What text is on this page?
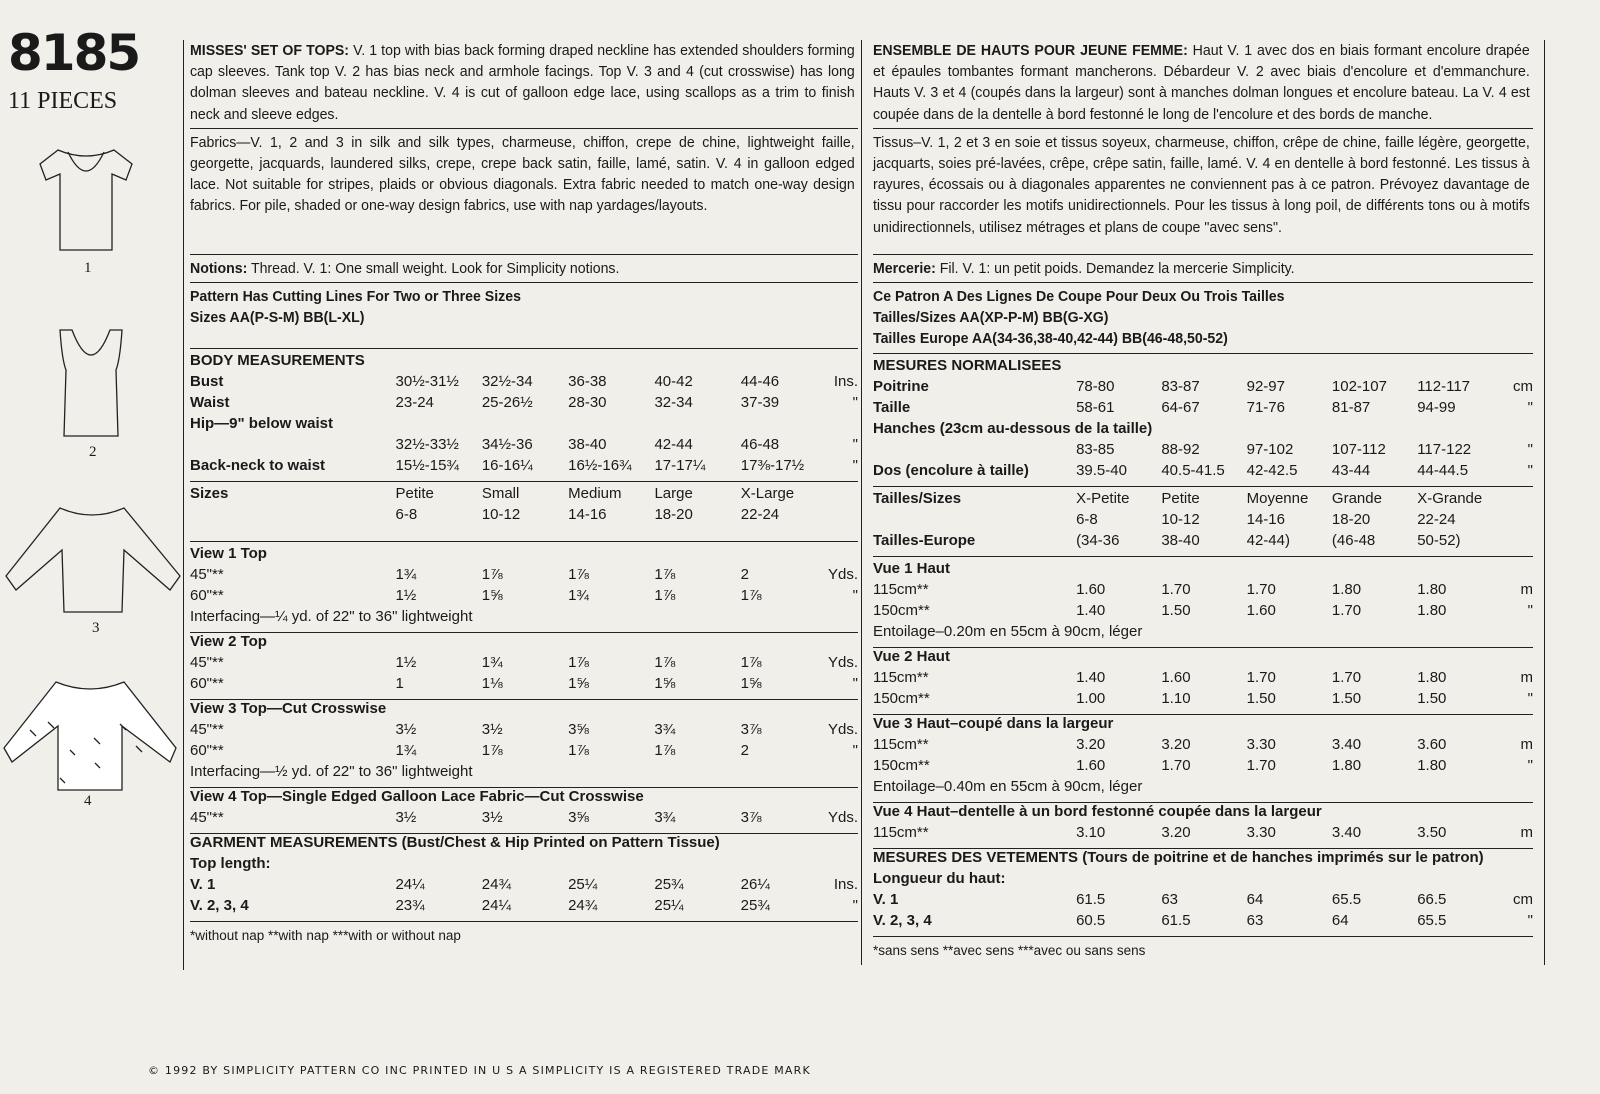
8185
11 PIECES
1
2
3
4
MISSES' SET OF TOPS: V. 1 top with bias back forming draped neckline has extended shoulders forming cap sleeves. Tank top V. 2 has bias neck and armhole facings. Top V. 3 and 4 (cut crosswise) has long dolman sleeves and bateau neckline. V. 4 is cut of galloon edge lace, using scallops as a trim to finish neck and sleeve edges.
Fabrics—V. 1, 2 and 3 in silk and silk types, charmeuse, chiffon, crepe de chine, lightweight faille, georgette, jacquards, laundered silks, crepe, crepe back satin, faille, lamé, satin. V. 4 in galloon edged lace. Not suitable for stripes, plaids or obvious diagonals. Extra fabric needed to match one-way design fabrics. For pile, shaded or one-way design fabrics, use with nap yardages/layouts.
Notions: Thread. V. 1: One small weight. Look for Simplicity notions.
Pattern Has Cutting Lines For Two or Three Sizes
Sizes AA(P-S-M) BB(L-XL)
BODY MEASUREMENTS						
Bust	30½-31½	32½-34	36-38	40-42	44-46	Ins.
Waist	23-24	25-26½	28-30	32-34	37-39	"
Hip—9" below waist						
	32½-33½	34½-36	38-40	42-44	46-48	"
Back-neck to waist	15½-15¾	16-16¼	16½-16¾	17-17¼	17⅜-17½	"
Sizes	Petite	Small	Medium	Large	X-Large	
	6-8	10-12	14-16	18-20	22-24	
View 1 Top						
45"**	1¾	1⅞	1⅞	1⅞	2	Yds.
60"**	1½	1⅝	1¾	1⅞	1⅞	"
Interfacing—¼ yd. of 22" to 36" lightweight						

View 2 Top						
45"**	1½	1¾	1⅞	1⅞	1⅞	Yds.
60"**	1	1⅛	1⅝	1⅝	1⅝	"

View 3 Top—Cut Crosswise						
45"**	3½	3½	3⅝	3¾	3⅞	Yds.
60"**	1¾	1⅞	1⅞	1⅞	2	"
Interfacing—½ yd. of 22" to 36" lightweight						

View 4 Top—Single Edged Galloon Lace Fabric—Cut Crosswise						
45"**	3½	3½	3⅝	3¾	3⅞	Yds.

GARMENT MEASUREMENTS (Bust/Chest & Hip Printed on Pattern Tissue)						
Top length:						
V. 1	24¼	24¾	25¼	25¾	26¼	Ins.
V. 2, 3, 4	23¾	24¼	24¾	25¼	25¾	"
*without nap **with nap ***with or without nap
ENSEMBLE DE HAUTS POUR JEUNE FEMME: Haut V. 1 avec dos en biais formant encolure drapée et épaules tombantes formant mancherons. Débardeur V. 2 avec biais d'encolure et d'emmanchure. Hauts V. 3 et 4 (coupés dans la largeur) sont à manches dolman longues et encolure bateau. La V. 4 est coupée dans de la dentelle à bord festonné le long de l'encolure et des bords de manche.
Tissus–V. 1, 2 et 3 en soie et tissus soyeux, charmeuse, chiffon, crêpe de chine, faille légère, georgette, jacquarts, soies pré-lavées, crêpe, crêpe satin, faille, lamé. V. 4 en dentelle à bord festonné. Les tissus à rayures, écossais ou à diagonales apparentes ne conviennent pas à ce patron. Prévoyez davantage de tissu pour raccorder les motifs unidirectionnels. Pour les tissus à long poil, de différents tons ou à motifs unidirectionnels, utilisez métrages et plans de coupe "avec sens".
Mercerie: Fil. V. 1: un petit poids. Demandez la mercerie Simplicity.
Ce Patron A Des Lignes De Coupe Pour Deux Ou Trois Tailles
Tailles/Sizes AA(XP-P-M) BB(G-XG)
Tailles Europe AA(34-36,38-40,42-44) BB(46-48,50-52)
MESURES NORMALISEES						
Poitrine	78-80	83-87	92-97	102-107	112-117	cm
Taille	58-61	64-67	71-76	81-87	94-99	"
Hanches (23cm au-dessous de la taille)						
	83-85	88-92	97-102	107-112	117-122	"
Dos (encolure à taille)	39.5-40	40.5-41.5	42-42.5	43-44	44-44.5	"
Tailles/Sizes	X-Petite	Petite	Moyenne	Grande	X-Grande	
	6-8	10-12	14-16	18-20	22-24	
Tailles-Europe	(34-36	38-40	42-44)	(46-48	50-52)	
Vue 1 Haut						
115cm**	1.60	1.70	1.70	1.80	1.80	m
150cm**	1.40	1.50	1.60	1.70	1.80	"
Entoilage–0.20m en 55cm à 90cm, léger						

Vue 2 Haut						
115cm**	1.40	1.60	1.70	1.70	1.80	m
150cm**	1.00	1.10	1.50	1.50	1.50	"

Vue 3 Haut–coupé dans la largeur						
115cm**	3.20	3.20	3.30	3.40	3.60	m
150cm**	1.60	1.70	1.70	1.80	1.80	"
Entoilage–0.40m en 55cm à 90cm, léger						

Vue 4 Haut–dentelle à un bord festonné coupée dans la largeur						
115cm**	3.10	3.20	3.30	3.40	3.50	m

MESURES DES VETEMENTS (Tours de poitrine et de hanches imprimés sur le patron)						
Longueur du haut:						
V. 1	61.5	63	64	65.5	66.5	cm
V. 2, 3, 4	60.5	61.5	63	64	65.5	"
*sans sens **avec sens ***avec ou sans sens
© 1992 BY SIMPLICITY PATTERN CO INC PRINTED IN U S A SIMPLICITY IS A REGISTERED TRADE MARK
